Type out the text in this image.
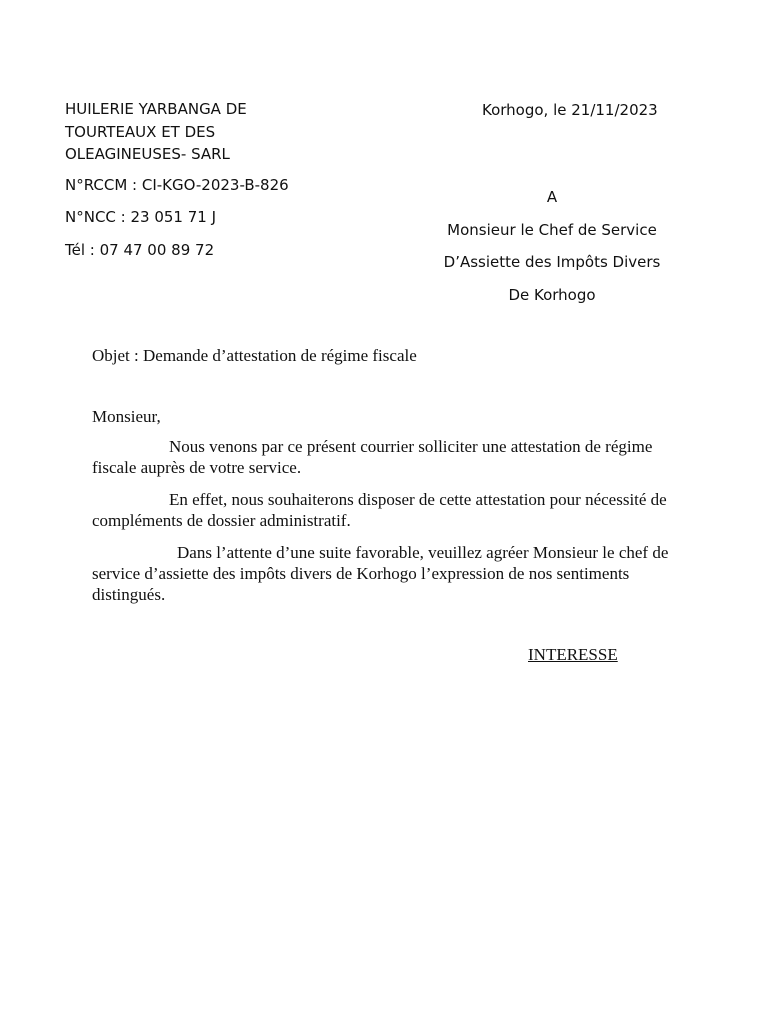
HUILERIE YARBANGA DE TOURTEAUX ET DES OLEAGINEUSES- SARL
N°RCCM : CI-KGO-2023-B-826
N°NCC : 23 051 71 J
Tél : 07 47 00 89 72
Korhogo, le 21/11/2023
A
Monsieur le Chef de Service
D’Assiette des Impôts Divers
De Korhogo
Objet : Demande d’attestation de régime fiscale
Monsieur,

Nous venons par ce présent courrier solliciter une attestation de régime fiscale auprès de votre service.

En effet, nous souhaiterons disposer de cette attestation pour nécessité de compléments de dossier administratif.

Dans l’attente d’une suite favorable, veuillez agréer Monsieur le chef de service d’assiette des impôts divers de Korhogo l’expression de nos sentiments distingués.

INTERESSE
